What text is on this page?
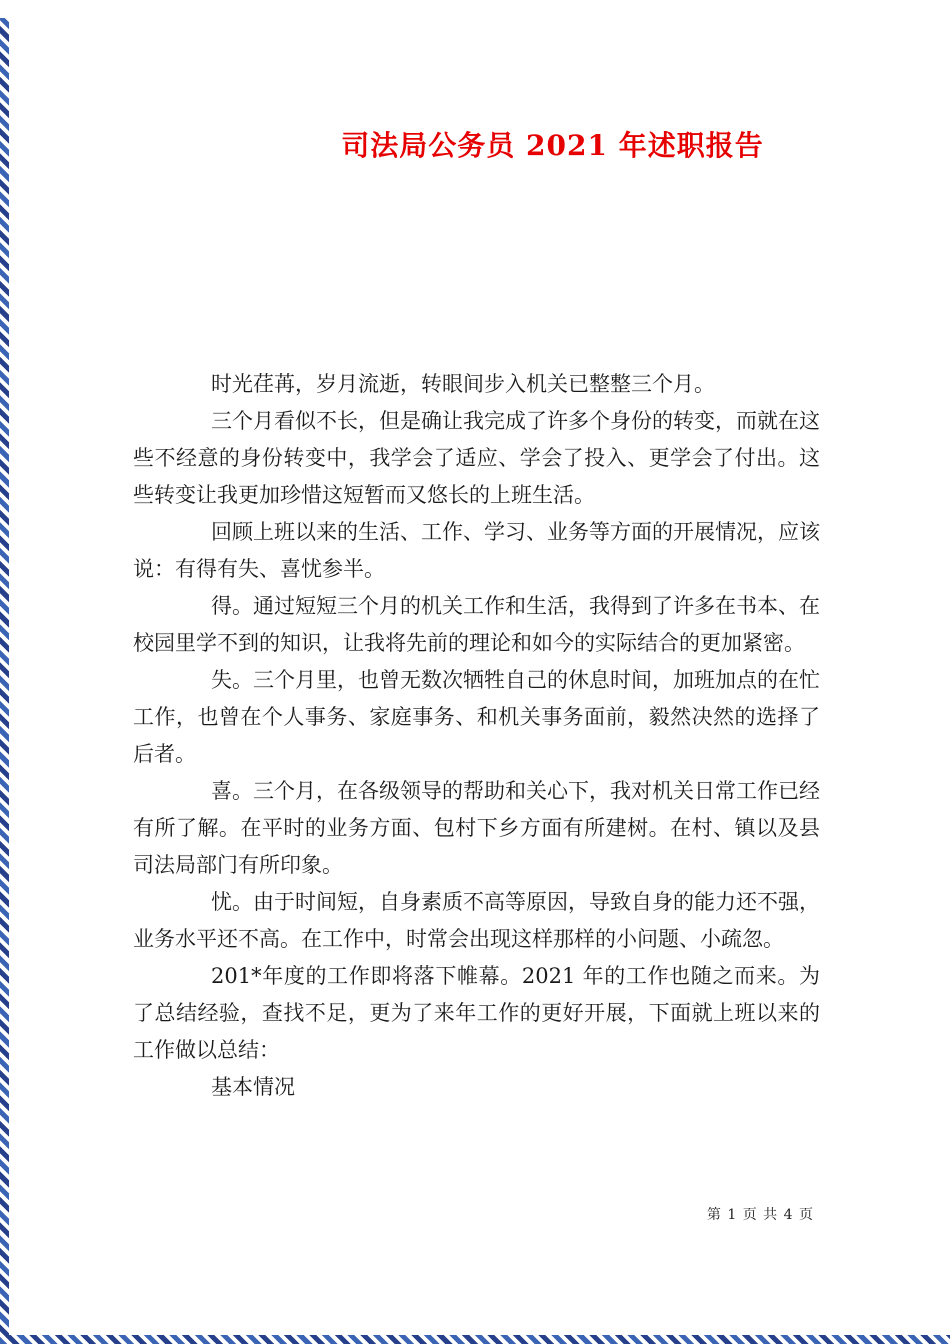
司法局公务员 2021 年述职报告

时光荏苒，岁月流逝，转眼间步入机关已整整三个月。

三个月看似不长，但是确让我完成了许多个身份的转变，而就在这些不经意的身份转变中，我学会了适应、学会了投入、更学会了付出。这些转变让我更加珍惜这短暂而又悠长的上班生活。

回顾上班以来的生活、工作、学习、业务等方面的开展情况，应该说：有得有失、喜忧参半。

得。通过短短三个月的机关工作和生活，我得到了许多在书本、在校园里学不到的知识，让我将先前的理论和如今的实际结合的更加紧密。

失。三个月里，也曾无数次牺牲自己的休息时间，加班加点的在忙工作，也曾在个人事务、家庭事务、和机关事务面前，毅然决然的选择了后者。

喜。三个月，在各级领导的帮助和关心下，我对机关日常工作已经有所了解。在平时的业务方面、包村下乡方面有所建树。在村、镇以及县司法局部门有所印象。

忧。由于时间短，自身素质不高等原因，导致自身的能力还不强，业务水平还不高。在工作中，时常会出现这样那样的小问题、小疏忽。

201*年度的工作即将落下帷幕。2021 年的工作也随之而来。为了总结经验，查找不足，更为了来年工作的更好开展，下面就上班以来的工作做以总结：

基本情况

第 1 页 共 4 页
